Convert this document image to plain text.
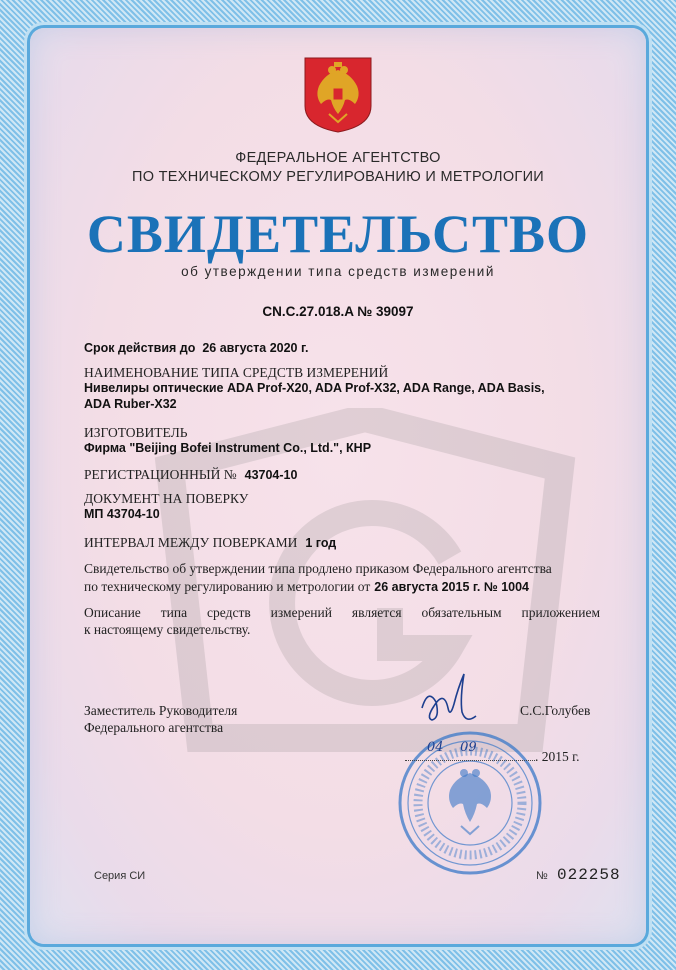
ФЕДЕРАЛЬНОЕ АГЕНТСТВО
ПО ТЕХНИЧЕСКОМУ РЕГУЛИРОВАНИЮ И МЕТРОЛОГИИ
СВИДЕТЕЛЬСТВО
об утверждении типа средств измерений
CN.C.27.018.A № 39097
Срок действия до 26 августа 2020 г.
НАИМЕНОВАНИЕ ТИПА СРЕДСТВ ИЗМЕРЕНИЙ
Нивелиры оптические ADA Prof-X20, ADA Prof-X32, ADA Range, ADA Basis,
ADA Ruber-X32
ИЗГОТОВИТЕЛЬ
Фирма "Beijing Bofei Instrument Co., Ltd.", КНР
РЕГИСТРАЦИОННЫЙ № 43704-10
ДОКУМЕНТ НА ПОВЕРКУ
МП 43704-10
ИНТЕРВАЛ МЕЖДУ ПОВЕРКАМИ 1 год
Свидетельство об утверждении типа продлено приказом Федерального агентства
по техническому регулированию и метрологии от 26 августа 2015 г. № 1004
Описание типа средств измерений является обязательным приложением
к настоящему свидетельству.
Заместитель Руководителя
Федерального агентства
С.С.Голубев
04    09
. 2015 г.
Серия СИ	№ 022258
